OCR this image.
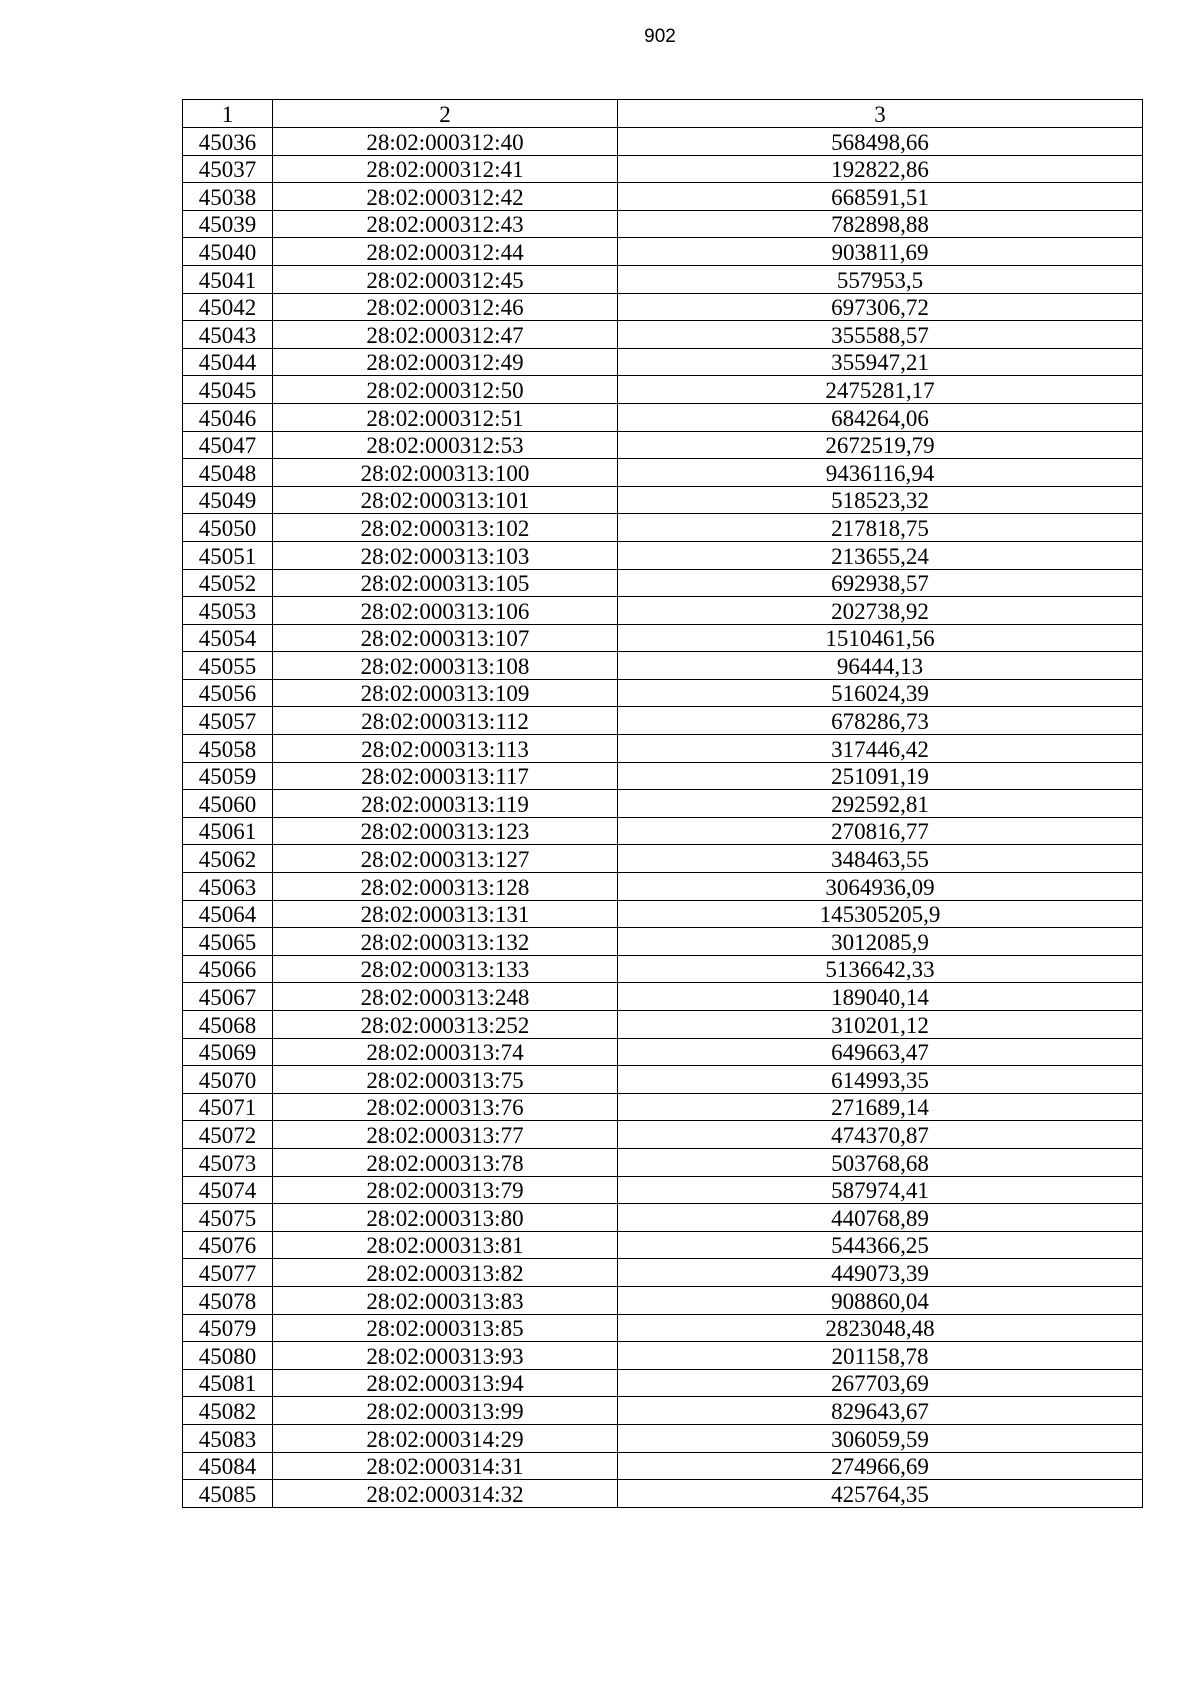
902
1	2	3
45036	28:02:000312:40	568498,66
45037	28:02:000312:41	192822,86
45038	28:02:000312:42	668591,51
45039	28:02:000312:43	782898,88
45040	28:02:000312:44	903811,69
45041	28:02:000312:45	557953,5
45042	28:02:000312:46	697306,72
45043	28:02:000312:47	355588,57
45044	28:02:000312:49	355947,21
45045	28:02:000312:50	2475281,17
45046	28:02:000312:51	684264,06
45047	28:02:000312:53	2672519,79
45048	28:02:000313:100	9436116,94
45049	28:02:000313:101	518523,32
45050	28:02:000313:102	217818,75
45051	28:02:000313:103	213655,24
45052	28:02:000313:105	692938,57
45053	28:02:000313:106	202738,92
45054	28:02:000313:107	1510461,56
45055	28:02:000313:108	96444,13
45056	28:02:000313:109	516024,39
45057	28:02:000313:112	678286,73
45058	28:02:000313:113	317446,42
45059	28:02:000313:117	251091,19
45060	28:02:000313:119	292592,81
45061	28:02:000313:123	270816,77
45062	28:02:000313:127	348463,55
45063	28:02:000313:128	3064936,09
45064	28:02:000313:131	145305205,9
45065	28:02:000313:132	3012085,9
45066	28:02:000313:133	5136642,33
45067	28:02:000313:248	189040,14
45068	28:02:000313:252	310201,12
45069	28:02:000313:74	649663,47
45070	28:02:000313:75	614993,35
45071	28:02:000313:76	271689,14
45072	28:02:000313:77	474370,87
45073	28:02:000313:78	503768,68
45074	28:02:000313:79	587974,41
45075	28:02:000313:80	440768,89
45076	28:02:000313:81	544366,25
45077	28:02:000313:82	449073,39
45078	28:02:000313:83	908860,04
45079	28:02:000313:85	2823048,48
45080	28:02:000313:93	201158,78
45081	28:02:000313:94	267703,69
45082	28:02:000313:99	829643,67
45083	28:02:000314:29	306059,59
45084	28:02:000314:31	274966,69
45085	28:02:000314:32	425764,35
